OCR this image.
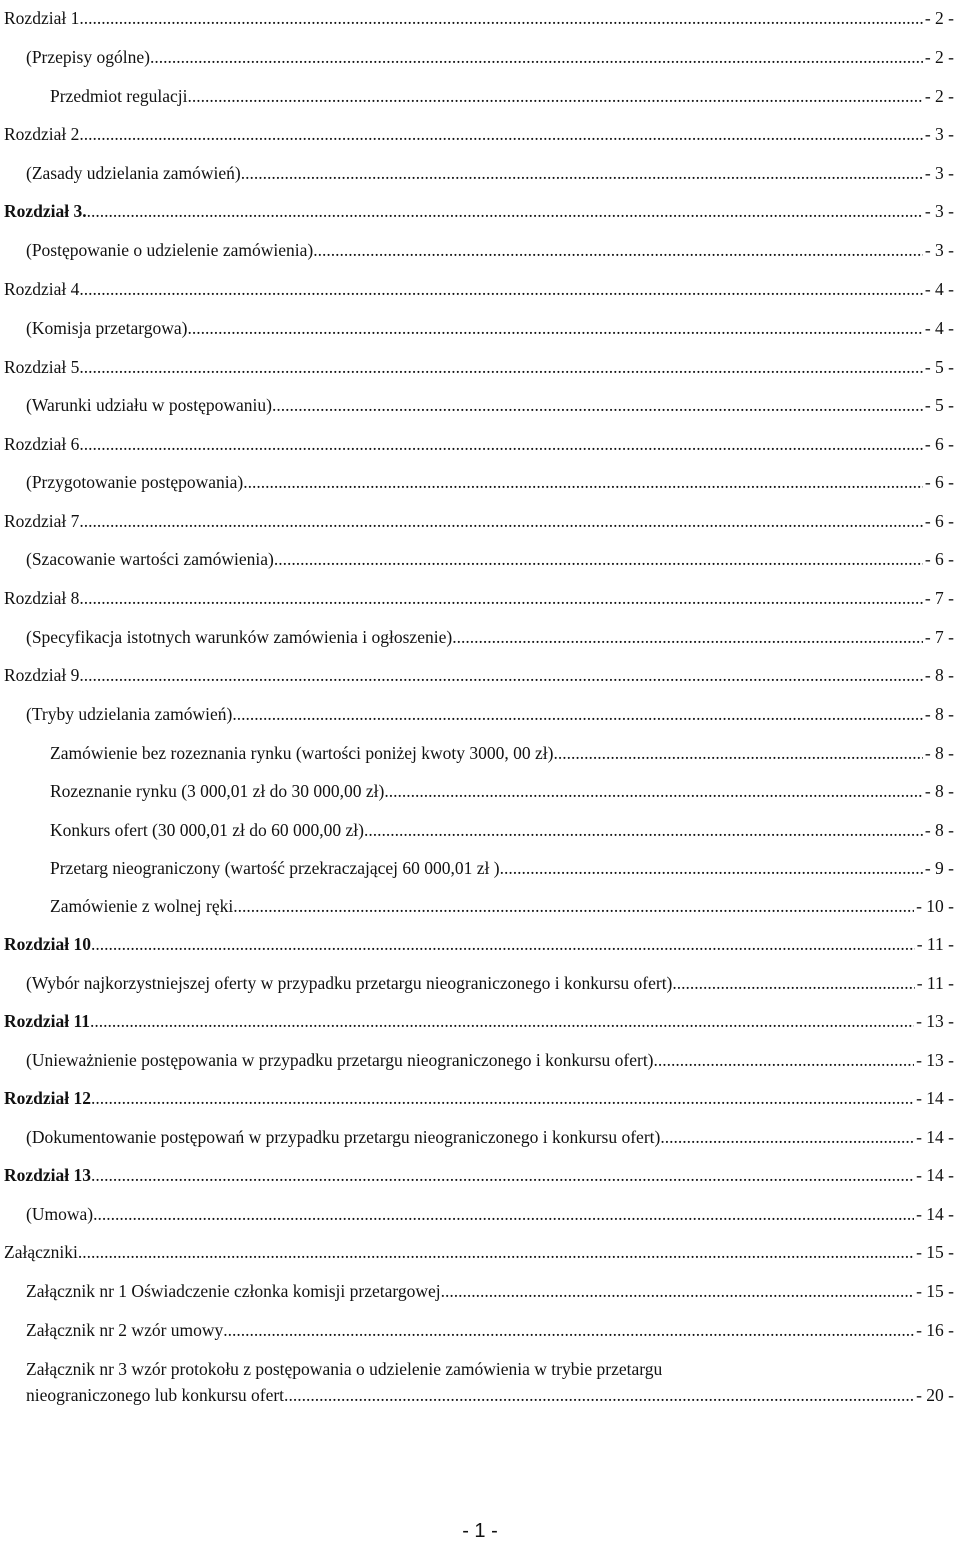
Rozdział 1 .....	- 2 -
(Przepisy ogólne) .....	- 2 -
Przedmiot regulacji. .....	- 2 -
Rozdział 2 .....	- 3 -
(Zasady udzielania zamówień) .....	- 3 -
Rozdział 3. .....	- 3 -
(Postępowanie o udzielenie zamówienia) .....	- 3 -
Rozdział 4. .....	- 4 -
(Komisja przetargowa) .....	- 4 -
Rozdział 5. .....	- 5 -
(Warunki udziału w postępowaniu) .....	- 5 -
Rozdział 6. .....	- 6 -
(Przygotowanie postępowania) .....	- 6 -
Rozdział 7. .....	- 6 -
(Szacowanie wartości zamówienia) .....	- 6 -
Rozdział 8. .....	- 7 -
(Specyfikacja istotnych warunków zamówienia i ogłoszenie) .....	- 7 -
Rozdział 9. .....	- 8 -
(Tryby udzielania zamówień) .....	- 8 -
Zamówienie bez rozeznania rynku (wartości poniżej kwoty 3000, 00 zł) .....	- 8 -
Rozeznanie rynku (3 000,01 zł do 30 000,00 zł) .....	- 8 -
Konkurs ofert (30 000,01 zł do 60 000,00 zł) .....	- 8 -
Przetarg nieograniczony (wartość przekraczającej 60 000,01 zł ) .....	- 9 -
Zamówienie z wolnej ręki .....	- 10 -
Rozdział 10 .....	- 11 -
(Wybór najkorzystniejszej oferty w przypadku przetargu nieograniczonego i konkursu ofert) .....	- 11 -
Rozdział 11 .....	- 13 -
(Unieważnienie postępowania w przypadku przetargu nieograniczonego i konkursu ofert) .....	- 13 -
Rozdział 12 .....	- 14 -
(Dokumentowanie postępowań w przypadku przetargu nieograniczonego i konkursu ofert) .....	- 14 -
Rozdział 13 .....	- 14 -
(Umowa) .....	- 14 -
Załączniki .....	- 15 -
Załącznik nr 1 Oświadczenie członka komisji przetargowej .....	- 15 -
Załącznik nr 2 wzór umowy .....	- 16 -
Załącznik nr 3 wzór protokołu z postępowania o udzielenie zamówienia w trybie przetargu
nieograniczonego lub konkursu ofert. .....	- 20 -
- 1 -
